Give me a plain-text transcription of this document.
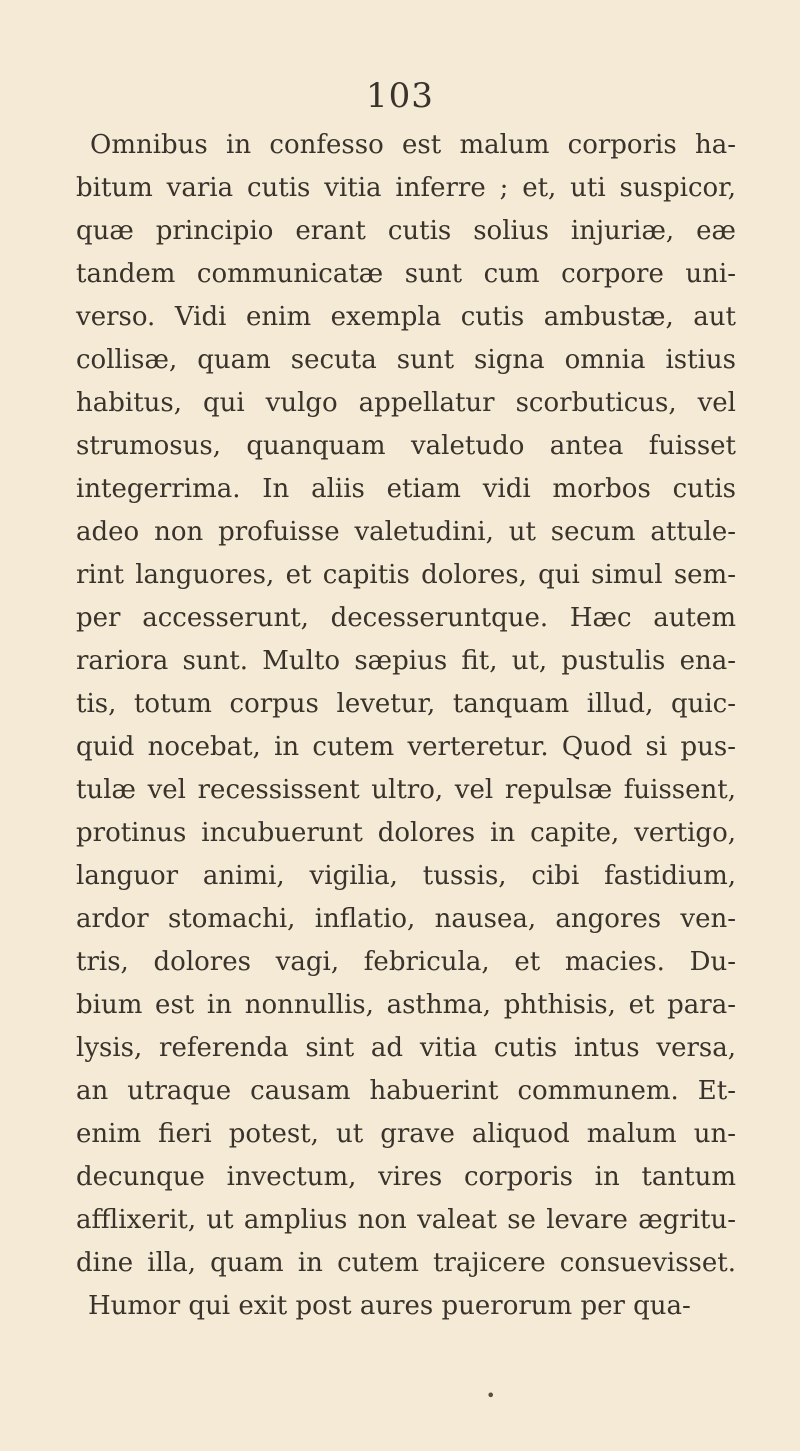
103
Omnibus in confesso est malum corporis ha-
bitum varia cutis vitia inferre ; et, uti suspicor,
quæ principio erant cutis solius injuriæ, eæ
tandem communicatæ sunt cum corpore uni-
verso. Vidi enim exempla cutis ambustæ, aut
collisæ, quam secuta sunt signa omnia istius
habitus, qui vulgo appellatur scorbuticus, vel
strumosus, quanquam valetudo antea fuisset
integerrima. In aliis etiam vidi morbos cutis
adeo non profuisse valetudini, ut secum attule-
rint languores, et capitis dolores, qui simul sem-
per accesserunt, decesseruntque. Hæc autem
rariora sunt. Multo sæpius fit, ut, pustulis ena-
tis, totum corpus levetur, tanquam illud, quic-
quid nocebat, in cutem verteretur. Quod si pus-
tulæ vel recessissent ultro, vel repulsæ fuissent,
protinus incubuerunt dolores in capite, vertigo,
languor animi, vigilia, tussis, cibi fastidium,
ardor stomachi, inflatio, nausea, angores ven-
tris, dolores vagi, febricula, et macies. Du-
bium est in nonnullis, asthma, phthisis, et para-
lysis, referenda sint ad vitia cutis intus versa,
an utraque causam habuerint communem. Et-
enim fieri potest, ut grave aliquod malum un-
decunque invectum, vires corporis in tantum
afflixerit, ut amplius non valeat se levare ægritu-
dine illa, quam in cutem trajicere consuevisset.
Humor qui exit post aures puerorum per qua-
•
